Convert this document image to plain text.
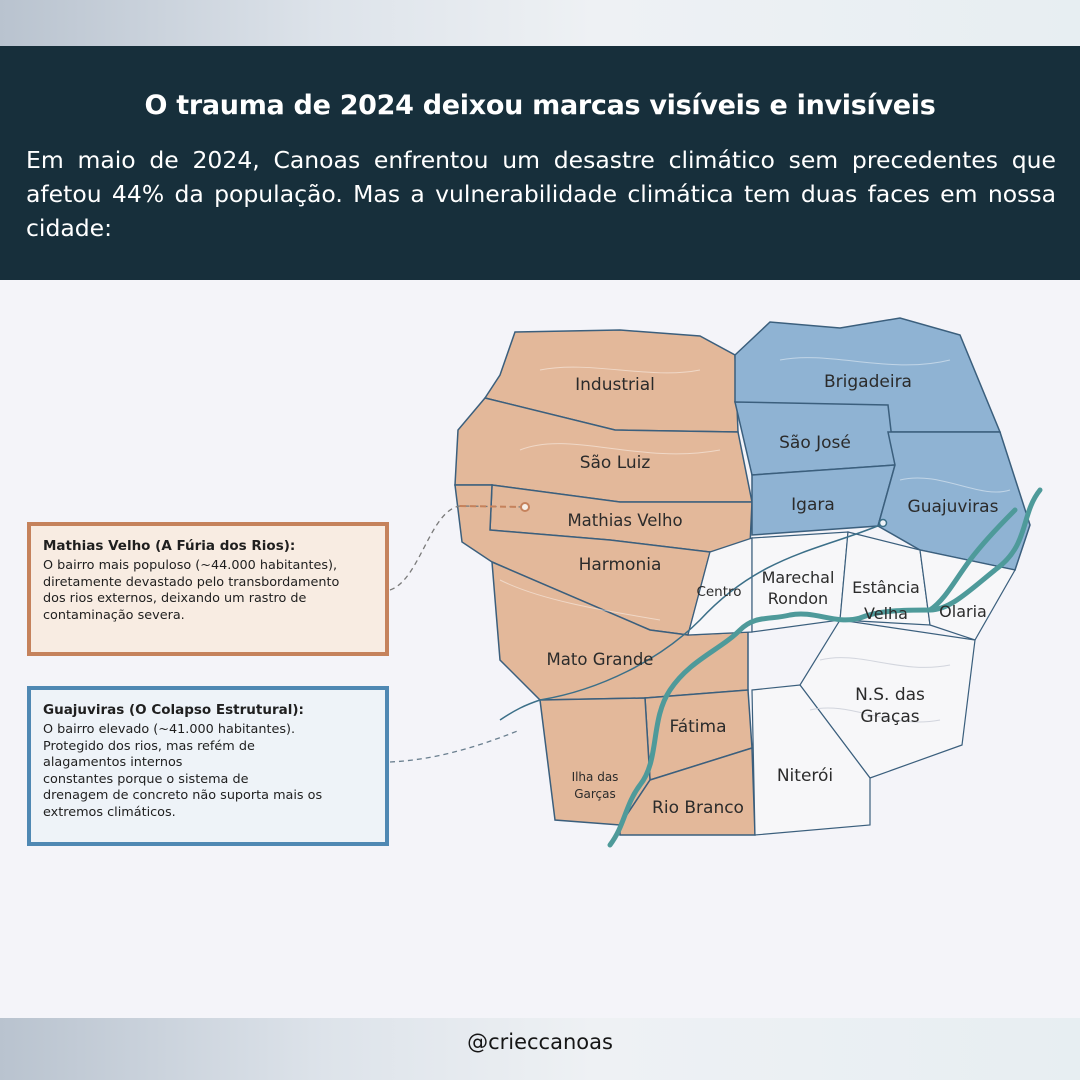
O trauma de 2024 deixou marcas visíveis e invisíveis
Em maio de 2024, Canoas enfrentou um desastre climático sem precedentes que afetou 44% da população. Mas a vulnerabilidade climática tem duas faces em nossa cidade:
Industrial
São Luiz
Mathias Velho
Harmonia
Mato Grande
Fátima
Ilha das
Garças
Rio Branco
Brigadeira
São José
Igara	Guajuviras
Centro
Marechal
Rondon
Estância
Velha Olaria
N.S. das
Graças
Niterói
Mathias Velho (A Fúria dos Rios):
O bairro mais populoso (~44.000 habitantes),
diretamente devastado pelo transbordamento
dos rios externos, deixando um rastro de
contaminação severa.
Guajuviras (O Colapso Estrutural):
O bairro elevado (~41.000 habitantes).
Protegido dos rios, mas refém de
alagamentos internos
constantes porque o sistema de
drenagem de concreto não suporta mais os
extremos climáticos.
@crieccanoas
